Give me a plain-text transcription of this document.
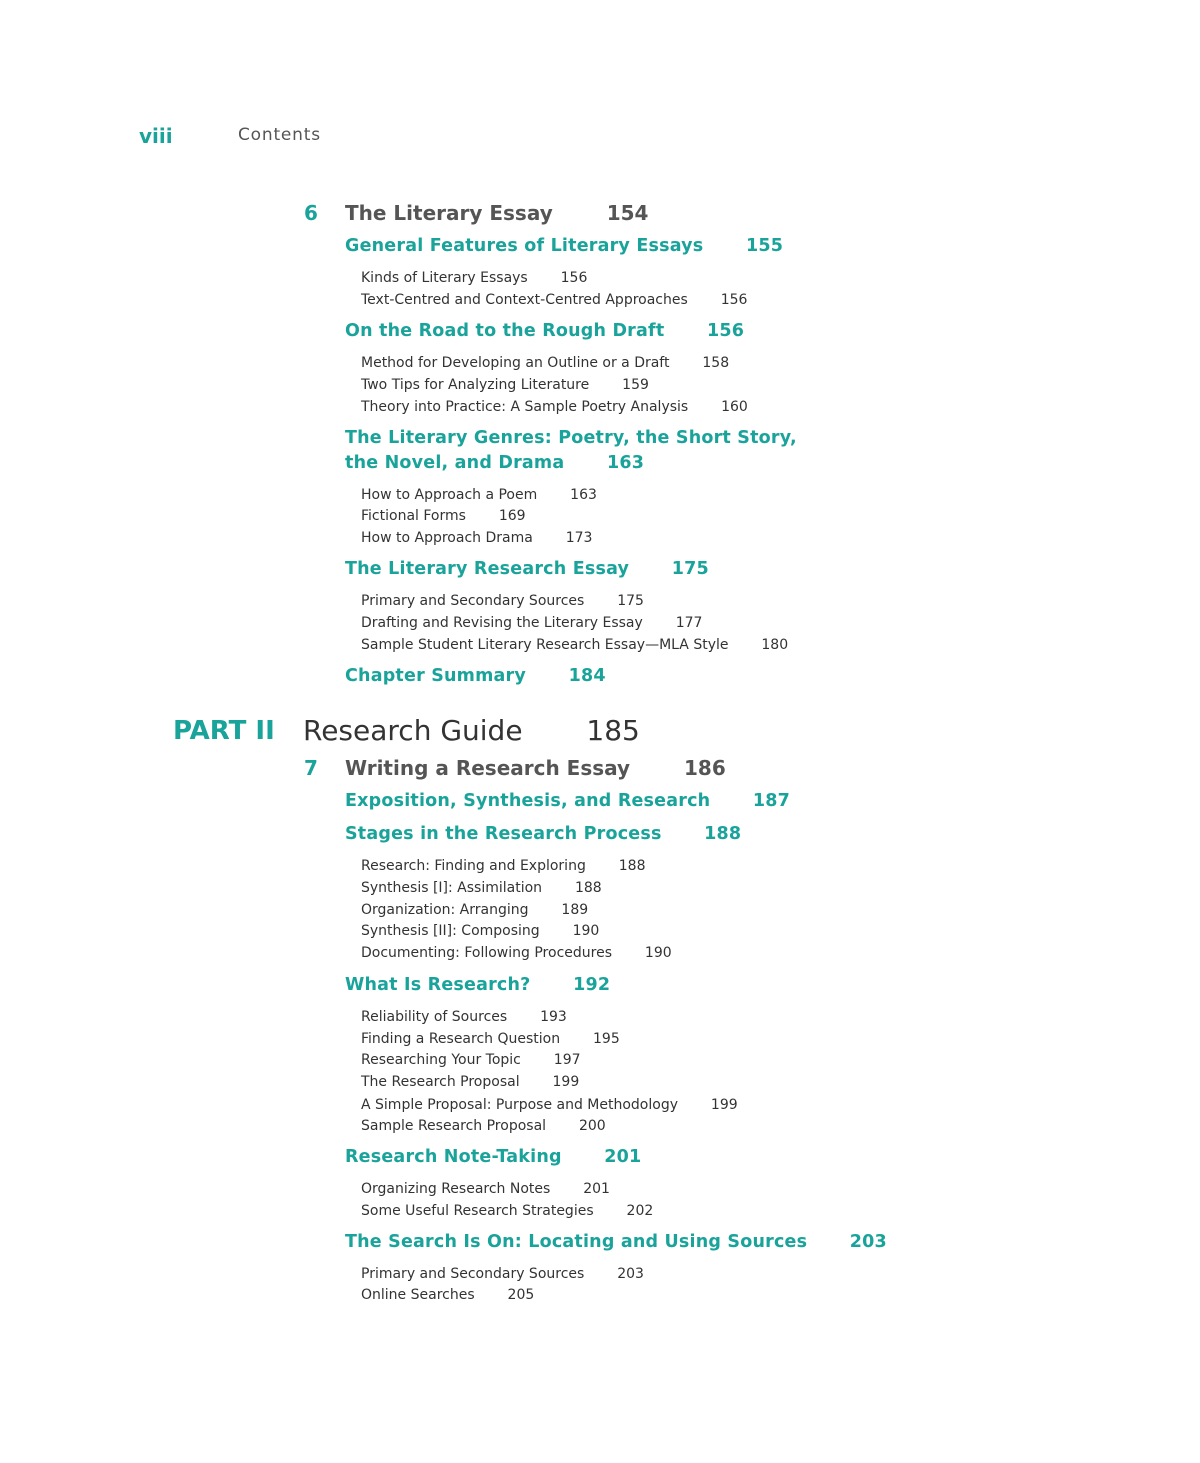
viii	Contents
6 The Literary Essay	154
General Features of Literary Essays 155
Kinds of Literary Essays 156
Text-Centred and Context-Centred Approaches 156
On the Road to the Rough Draft 156
Method for Developing an Outline or a Draft 158
Two Tips for Analyzing Literature 159
Theory into Practice: A Sample Poetry Analysis 160
The Literary Genres: Poetry, the Short Story,
the Novel, and Drama 163
How to Approach a Poem 163
Fictional Forms 169
How to Approach Drama 173
The Literary Research Essay 175
Primary and Secondary Sources 175
Drafting and Revising the Literary Essay 177
Sample Student Literary Research Essay—MLA Style 180
Chapter Summary 184
PART II Research Guide 185
7 Writing a Research Essay	186
Exposition, Synthesis, and Research 187
Stages in the Research Process 188
Research: Finding and Exploring 188
Synthesis [I]: Assimilation 188
Organization: Arranging 189
Synthesis [II]: Composing 190
Documenting: Following Procedures 190
What Is Research? 192
Reliability of Sources 193
Finding a Research Question 195
Researching Your Topic 197
The Research Proposal 199
A Simple Proposal: Purpose and Methodology 199
Sample Research Proposal 200
Research Note-Taking 201
Organizing Research Notes 201
Some Useful Research Strategies 202
The Search Is On: Locating and Using Sources 203
Primary and Secondary Sources 203
Online Searches 205
